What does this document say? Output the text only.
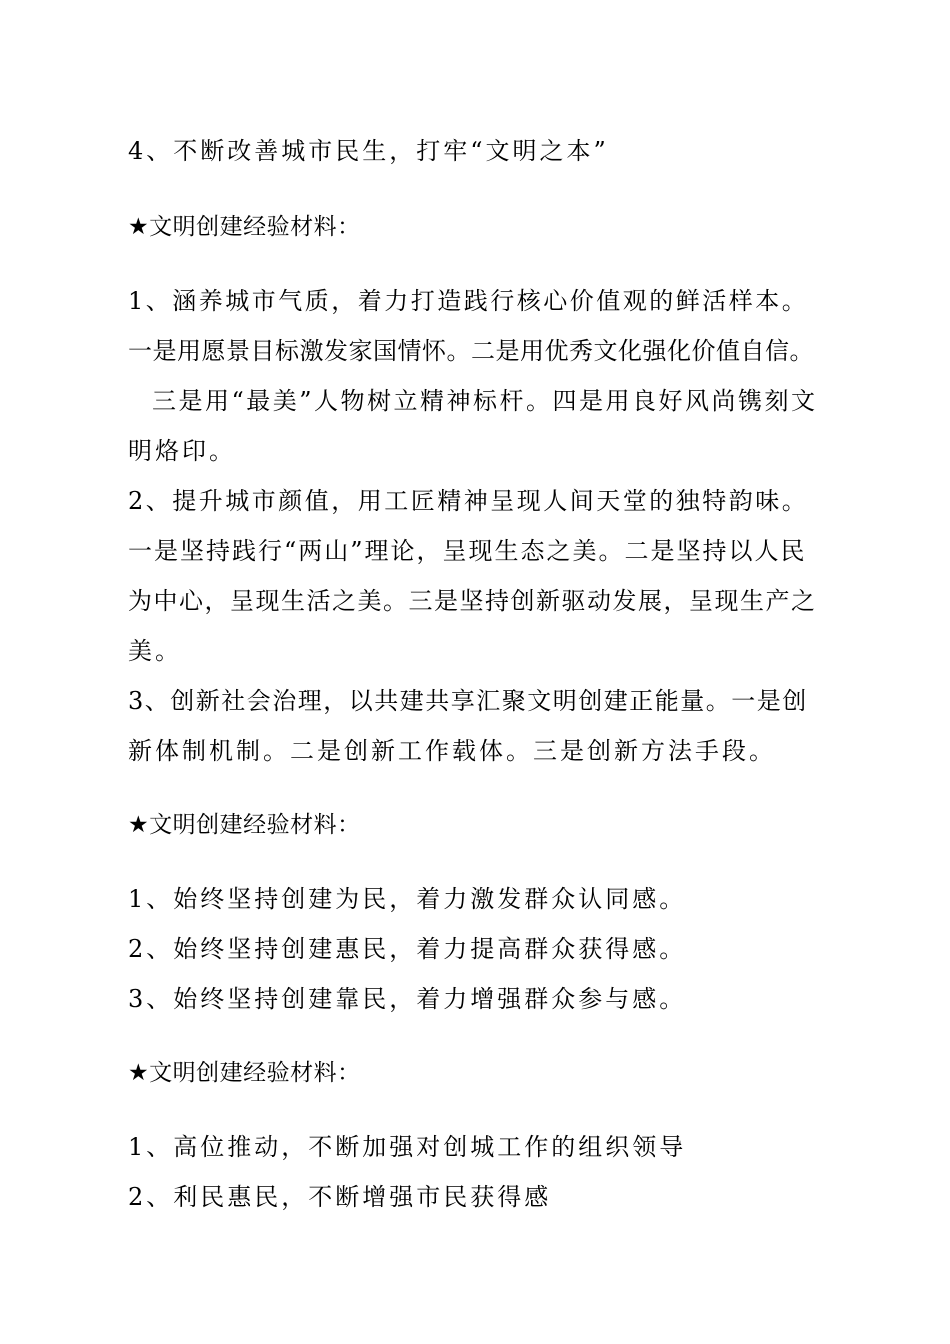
4、不断改善城市民生，打牢“文明之本”

★文明创建经验材料：

1、涵养城市气质，着力打造践行核心价值观的鲜活样本。

一是用愿景目标激发家国情怀。二是用优秀文化强化价值自信。

三是用“最美”人物树立精神标杆。四是用良好风尚镌刻文

明烙印。

2、提升城市颜值，用工匠精神呈现人间天堂的独特韵味。

一是坚持践行“两山”理论，呈现生态之美。二是坚持以人民

为中心，呈现生活之美。三是坚持创新驱动发展，呈现生产之

美。

3、创新社会治理，以共建共享汇聚文明创建正能量。一是创

新体制机制。二是创新工作载体。三是创新方法手段。

★文明创建经验材料：

1、始终坚持创建为民，着力激发群众认同感。

2、始终坚持创建惠民，着力提高群众获得感。

3、始终坚持创建靠民，着力增强群众参与感。

★文明创建经验材料：

1、高位推动，不断加强对创城工作的组织领导

2、利民惠民，不断增强市民获得感
